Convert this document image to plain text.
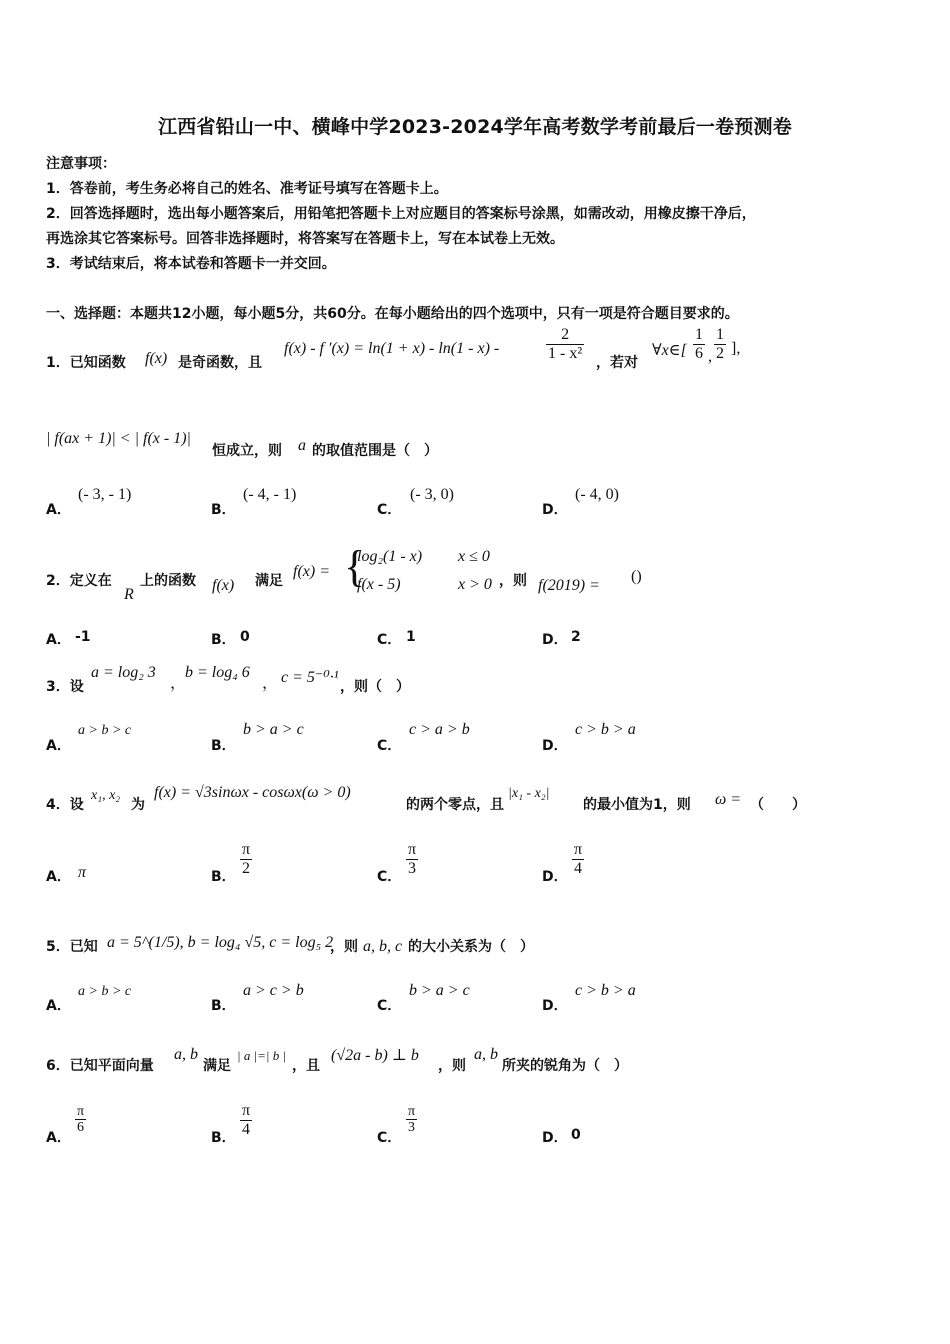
江西省铅山一中、横峰中学2023-2024学年高考数学考前最后一卷预测卷
注意事项：
1．答卷前，考生务必将自己的姓名、准考证号填写在答题卡上。
2．回答选择题时，选出每小题答案后，用铅笔把答题卡上对应题目的答案标号涂黑，如需改动，用橡皮擦干净后，
再选涂其它答案标号。回答非选择题时，将答案写在答题卡上，写在本试卷上无效。
3．考试结束后，将本试卷和答题卡一并交回。
一、选择题：本题共12小题，每小题5分，共60分。在每小题给出的四个选项中，只有一项是符合题目要求的。
1．已知函数 f(x) 是奇函数，且
f(x) - f ′(x) = ln(1 + x) - ln(1 - x) -	$\frac{2}{\text{1 - x²}}$
，若对
∀x∈[ $\frac{1}{6}$ , $\frac{1}{2}$ ],
| f(ax + 1)| < | f(x - 1)|
恒成立，则 a 的取值范围是（　）
A．
(- 3, - 1)
B．
(- 4, - 1)
C．
(- 3, 0)
D．
(- 4, 0)
2．定义在
R
上的函数 f(x) 满足
f(x) = {
log₂(1 - x) x ≤ 0
f(x - 5)	x > 0 ，则 f(2019) =
()
A． -1	B． 0	C． 1	D． 2
3．设
a = log₂ 3
，
b = log₄ 6
， c = 5⁻⁰·¹
，则（　）
A．
a > b > c
B．
b > a > c
C．
c > a > b
D．
c > b > a
4．设
x₁, x₂
为
f(x) = √3sinωx - cosωx(ω > 0)
的两个零点，且
|x₁ - x₂|
的最小值为1，则 ω = （　　）
A． π	B． $\frac{\pi}{2}$	C． $\frac{\pi}{3}$	D． $\frac{\pi}{4}$
5．已知 a = 5^(1/5), b = log₄ √5, c = log₅ 2
，则 a, b, c 的大小关系为（　）
A．
a > b > c
B．
a > c > b
C．
b > a > c
D．
c > b > a
6．已知平面向量
a, b
满足
| a |=| b |
，且
(√2a - b) ⊥ b
，则
a, b
所夹的锐角为（　）
A．
$\frac{\pi}{6}$
B． $\frac{\pi}{4}$	C．
$\frac{\pi}{3}$
D． 0
